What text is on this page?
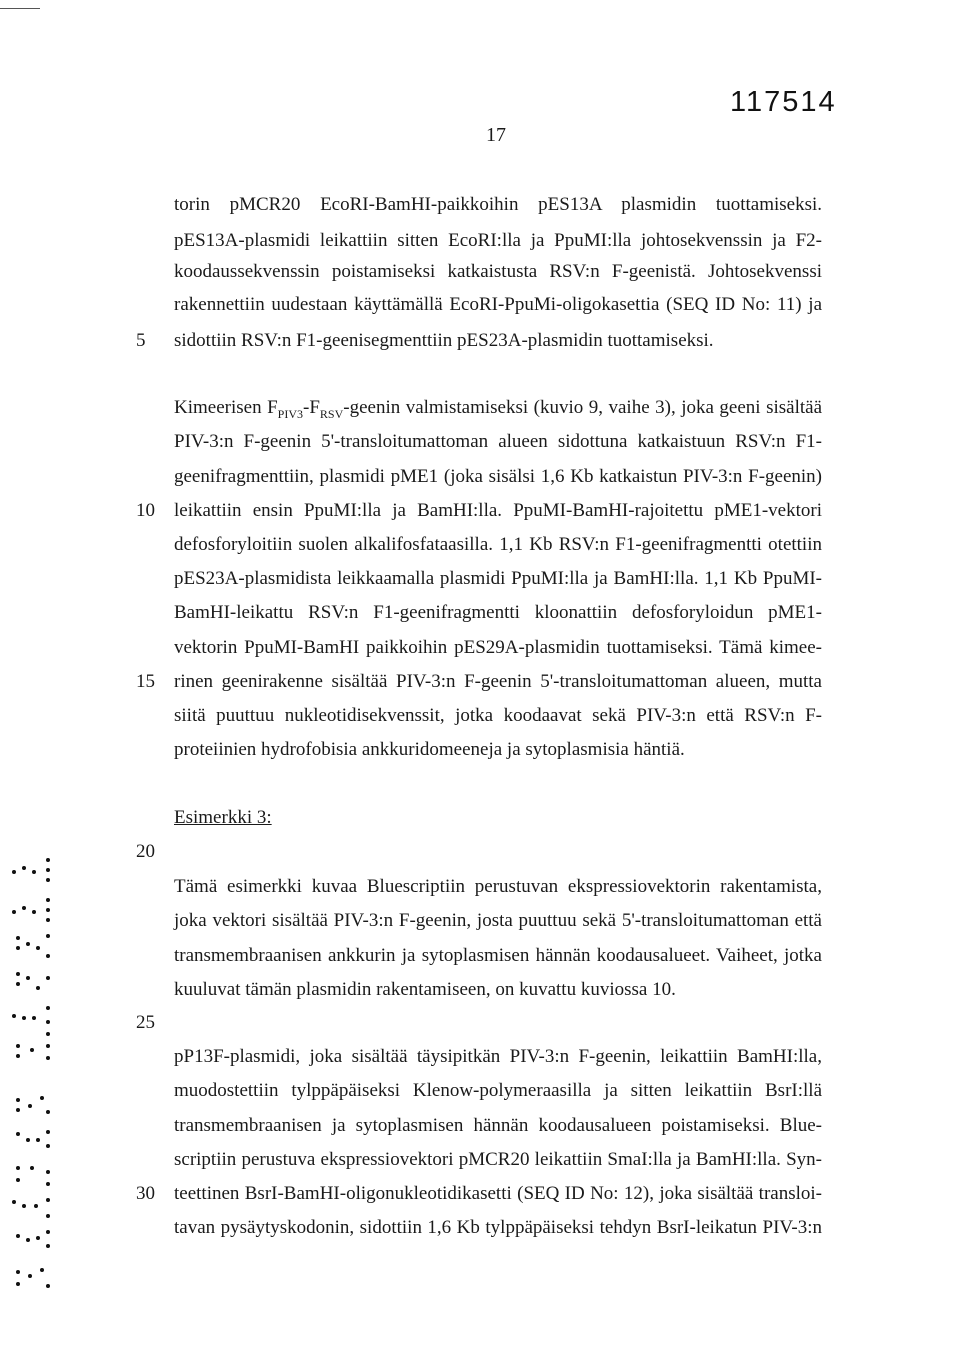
117514
17
torin pMCR20 EcoRI-BamHI-paikkoihin pES13A plasmidin tuottamiseksi.
pES13A-plasmidi leikattiin sitten EcoRI:lla ja PpuMI:lla johtosekvenssin ja F2-
koodaussekvenssin poistamiseksi katkaistusta RSV:n F-geenistä. Johtosekvenssi
rakennettiin uudestaan käyttämällä EcoRI-PpuMi-oligokasettia (SEQ ID No: 11) ja
sidottiin RSV:n F1-geenisegmenttiin pES23A-plasmidin tuottamiseksi.
5
Kimeerisen $F_{PIV3}-F_{RSV}$-geenin valmistamiseksi (kuvio 9, vaihe 3), joka geeni sisältää
PIV-3:n F-geenin 5'-transloitumattoman alueen sidottuna katkaistuun RSV:n F1-
geenifragmenttiin, plasmidi pME1 (joka sisälsi 1,6 Kb katkaistun PIV-3:n F-geenin)
leikattiin ensin PpuMI:lla ja BamHI:lla. PpuMI-BamHI-rajoitettu pME1-vektori
10
defosforyloitiin suolen alkalifosfataasilla. 1,1 Kb RSV:n F1-geenifragmentti otettiin
pES23A-plasmidista leikkaamalla plasmidi PpuMI:lla ja BamHI:lla. 1,1 Kb PpuMI-
BamHI-leikattu RSV:n F1-geenifragmentti kloonattiin defosforyloidun pME1-
vektorin PpuMI-BamHI paikkoihin pES29A-plasmidin tuottamiseksi. Tämä kimee-
rinen geenirakenne sisältää PIV-3:n F-geenin 5'-transloitumattoman alueen, mutta
15
siitä puuttuu nukleotidisekvenssit, jotka koodaavat sekä PIV-3:n että RSV:n F-
proteiinien hydrofobisia ankkuridomeeneja ja sytoplasmisia häntiä.
Esimerkki 3:
20
Tämä esimerkki kuvaa Bluescriptiin perustuvan ekspressiovektorin rakentamista,
joka vektori sisältää PIV-3:n F-geenin, josta puuttuu sekä 5'-transloitumattoman että
transmembraanisen ankkurin ja sytoplasmisen hännän koodausalueet. Vaiheet, jotka
kuuluvat tämän plasmidin rakentamiseen, on kuvattu kuviossa 10.
25
pP13F-plasmidi, joka sisältää täysipitkän PIV-3:n F-geenin, leikattiin BamHI:lla,
muodostettiin tylppäpäiseksi Klenow-polymeraasilla ja sitten leikattiin BsrI:llä
transmembraanisen ja sytoplasmisen hännän koodausalueen poistamiseksi. Blue-
scriptiin perustuva ekspressiovektori pMCR20 leikattiin SmaI:lla ja BamHI:lla. Syn-
teettinen BsrI-BamHI-oligonukleotidikasetti (SEQ ID No: 12), joka sisältää transloi-
30
tavan pysäytyskodonin, sidottiin 1,6 Kb tylppäpäiseksi tehdyn BsrI-leikatun PIV-3:n
